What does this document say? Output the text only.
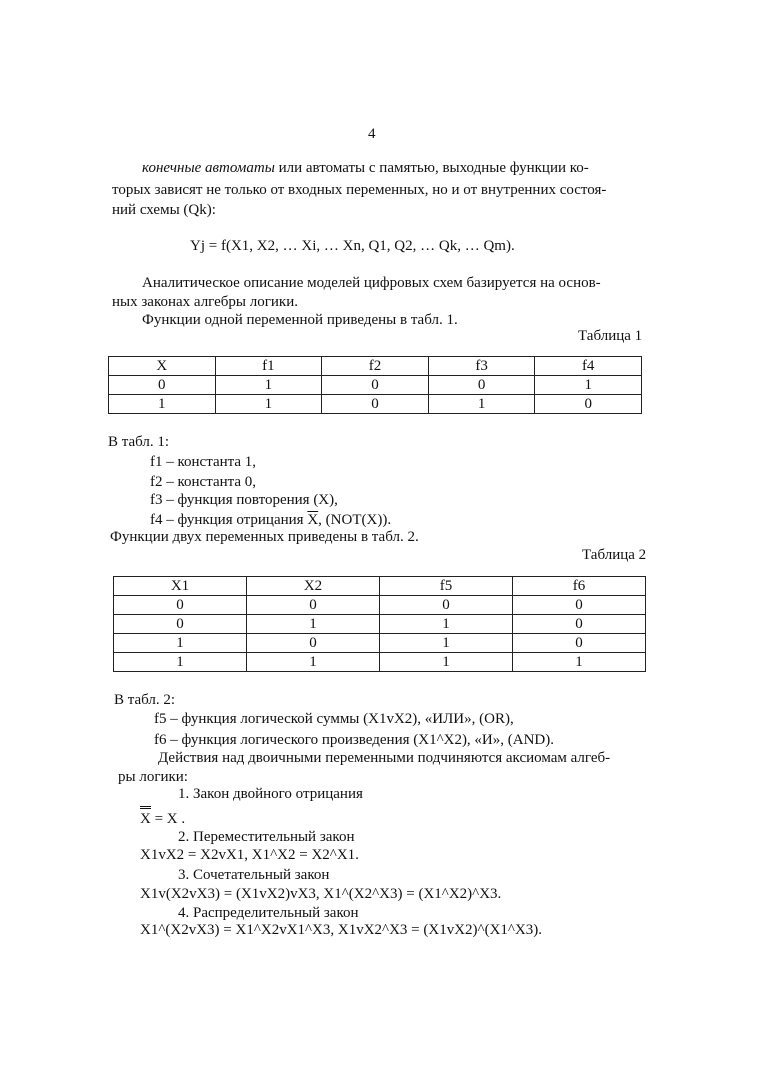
4
конечные автоматы или автоматы с памятью, выходные функции ко-
торых зависят не только от входных переменных, но и от внутренних состоя-
ний схемы (Qk):
Yj = f(X1, X2, … Xi, … Xn, Q1, Q2, … Qk, … Qm).
Аналитическое описание моделей цифровых схем базируется на основ-
ных законах алгебры логики.
Функции одной переменной приведены в табл. 1.
Таблица 1
X	f1	f2	f3	f4
0	1	0	0	1
1	1	0	1	0
В табл. 1:
f1 – константа 1,
f2 – константа 0,
f3 – функция повторения (X),
f4 – функция отрицания $\overline{X}$, (NOT(X)).
Функции двух переменных приведены в табл. 2.
Таблица 2
X1	X2	f5	f6
0	0	0	0
0	1	1	0
1	0	1	0
1	1	1	1
В табл. 2:
f5 – функция логической суммы (X1vX2), «ИЛИ», (OR),
f6 – функция логического произведения (X1^X2), «И», (AND).
Действия над двоичными переменными подчиняются аксиомам алгеб-
ры логики:
1. Закон двойного отрицания
X = X .
2. Переместительный закон
X1vX2 = X2vX1, X1^X2 = X2^X1.
3. Сочетательный закон
X1v(X2vX3) = (X1vX2)vX3, X1^(X2^X3) = (X1^X2)^X3.
4. Распределительный закон
X1^(X2vX3) = X1^X2vX1^X3, X1vX2^X3 = (X1vX2)^(X1^X3).
